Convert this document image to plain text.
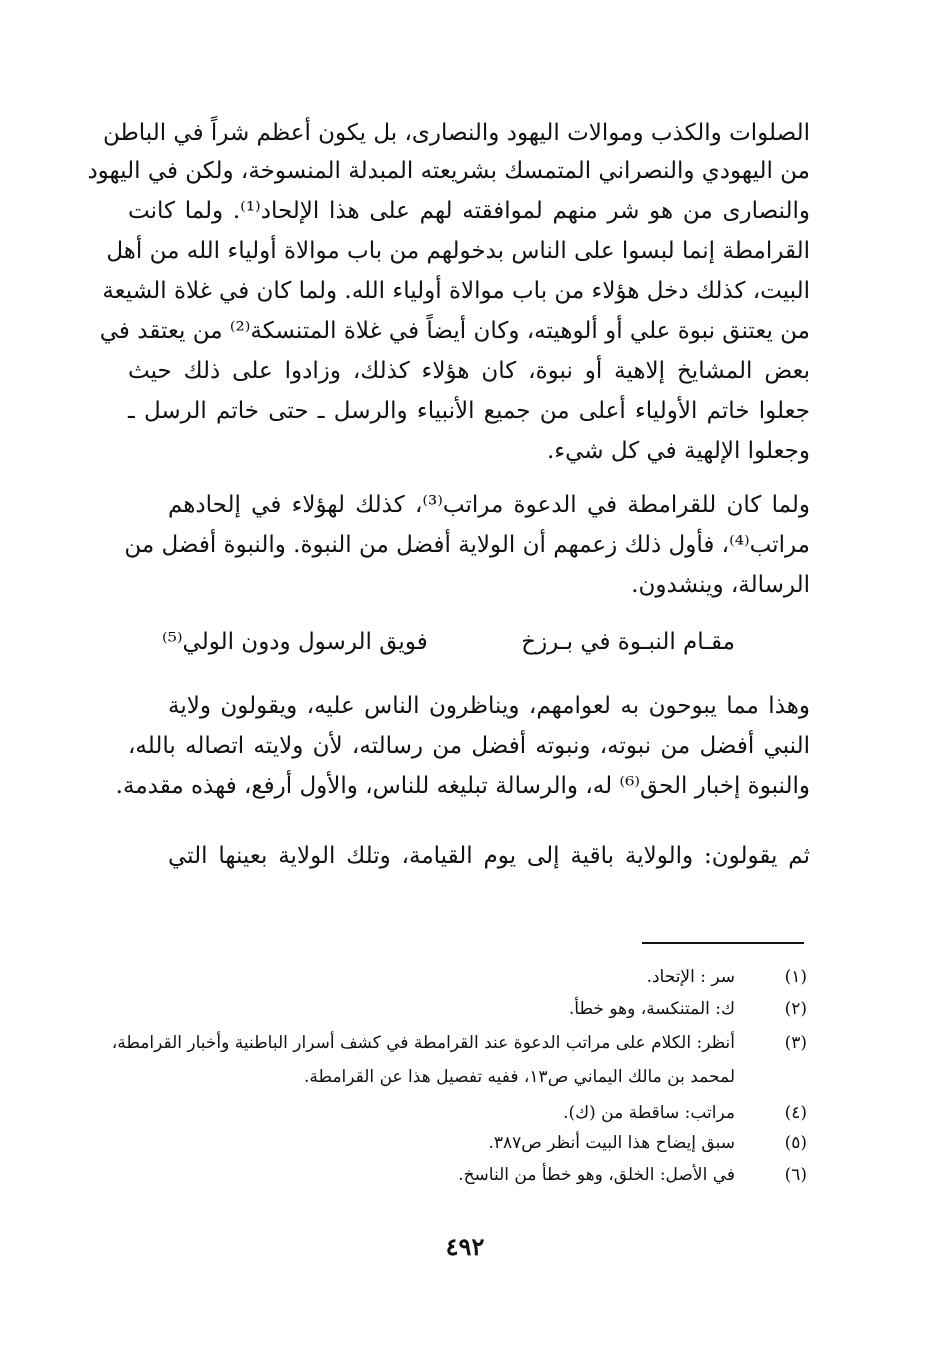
الصلوات والكذب وموالات اليهود والنصارى، بل يكون أعظم شراً في الباطن
من اليهودي والنصراني المتمسك بشريعته المبدلة المنسوخة، ولكن في اليهود
والنصارى من هو شر منهم لموافقته لهم على هذا الإلحاد⁽¹⁾. ولما كانت
القرامطة إنما لبسوا على الناس بدخولهم من باب موالاة أولياء الله من أهل
البيت، كذلك دخل هؤلاء من باب موالاة أولياء الله. ولما كان في غلاة الشيعة
من يعتنق نبوة علي أو ألوهيته، وكان أيضاً في غلاة المتنسكة⁽²⁾ من يعتقد في
بعض المشايخ إلاهية أو نبوة، كان هؤلاء كذلك، وزادوا على ذلك حيث
جعلوا خاتم الأولياء أعلى من جميع الأنبياء والرسل ـ حتى خاتم الرسل ـ
وجعلوا الإلهية في كل شيء.
ولما كان للقرامطة في الدعوة مراتب⁽³⁾، كذلك لهؤلاء في إلحادهم
مراتب⁽⁴⁾، فأول ذلك زعمهم أن الولاية أفضل من النبوة. والنبوة أفضل من
الرسالة، وينشدون.
مقـام النبـوة في بـرزخ
فويق الرسول ودون الولي⁽⁵⁾
وهذا مما يبوحون به لعوامهم، ويناظرون الناس عليه، ويقولون ولاية
النبي أفضل من نبوته، ونبوته أفضل من رسالته، لأن ولايته اتصاله بالله،
والنبوة إخبار الحق⁽⁶⁾ له، والرسالة تبليغه للناس، والأول أرفع، فهذه مقدمة.
ثم يقولون: والولاية باقية إلى يوم القيامة، وتلك الولاية بعينها التي
(١)
سر : الإتحاد.
(٢)
ك: المتنكسة، وهو خطأ.
(٣)
أنظر: الكلام على مراتب الدعوة عند القرامطة في كشف أسرار الباطنية وأخبار القرامطة،
لمحمد بن مالك اليماني ص١٣، ففيه تفصيل هذا عن القرامطة.
(٤)
مراتب: ساقطة من (ك).
(٥)
سبق إيضاح هذا البيت أنظر ص٣٨٧.
(٦)
في الأصل: الخلق، وهو خطأ من الناسخ.
٤٩٢
